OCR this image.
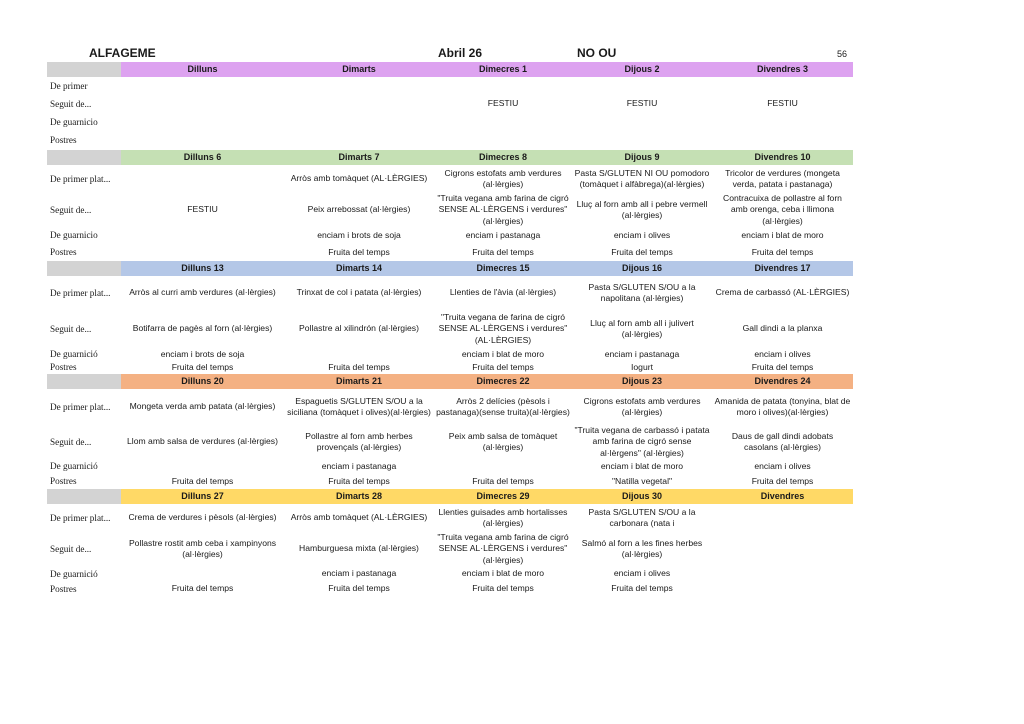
ALFAGEME	Abril 26	NO OU	56
	Dilluns	Dimarts	Dimecres 1	Dijous 2	Divendres 3
De primer					
Seguit de...			FESTIU	FESTIU	FESTIU
De guarnicio					
Postres					
	Dilluns 6	Dimarts 7	Dimecres 8	Dijous 9	Divendres 10
De primer plat...		Arròs amb tomàquet (AL·LÈRGIES)	Cigrons estofats amb verdures (al·lèrgies)	Pasta S/GLUTEN NI OU pomodoro (tomàquet i alfàbrega)(al·lèrgies)	Tricolor de verdures (mongeta verda, patata i pastanaga)
Seguit de...	FESTIU	Peix arrebossat (al·lèrgies)	"Truita vegana amb farina de cigró SENSE AL·LÈRGENS i verdures" (al·lèrgies)	Lluç al forn amb all i pebre vermell (al·lèrgies)	Contracuixa de pollastre al forn amb orenga, ceba i llimona (al·lèrgies)
De guarnicio		enciam i brots de soja	enciam i pastanaga	enciam i olives	enciam i blat de moro
Postres		Fruita del temps	Fruita del temps	Fruita del temps	Fruita del temps
	Dilluns 13	Dimarts 14	Dimecres 15	Dijous 16	Divendres 17
De primer plat...	Arròs al curri amb verdures (al·lèrgies)	Trinxat de col i patata (al·lèrgies)	Llenties de l'àvia (al·lèrgies)	Pasta S/GLUTEN S/OU a la napolitana (al·lèrgies)	Crema de carbassó (AL·LÈRGIES)
Seguit de...	Botifarra de pagès al forn (al·lèrgies)	Pollastre al xilindrón (al·lèrgies)	"Truita vegana de farina de cigró SENSE AL·LÈRGENS i verdures" (AL·LÈRGIES)	Lluç al forn amb all i julivert (al·lèrgies)	Gall dindi a la planxa
De guarnició	enciam i brots de soja		enciam i blat de moro	enciam i pastanaga	enciam i olives
Postres	Fruita del temps	Fruita del temps	Fruita del temps	Iogurt	Fruita del temps
	Dilluns 20	Dimarts 21	Dimecres 22	Dijous 23	Divendres 24
De primer plat...	Mongeta verda amb patata (al·lèrgies)	Espaguetis S/GLUTEN S/OU a la siciliana (tomàquet i olives)(al·lèrgies)	Arròs 2 delícies (pèsols i pastanaga)(sense truita)(al·lèrgies)	Cigrons estofats amb verdures (al·lèrgies)	Amanida de patata (tonyina, blat de moro i olives)(al·lèrgies)
Seguit de...	Llom amb salsa de verdures (al·lèrgies)	Pollastre al forn amb herbes provençals (al·lèrgies)	Peix amb salsa de tomàquet (al·lèrgies)	"Truita vegana de carbassó i patata amb farina de cigró sense al·lèrgens" (al·lèrgies)	Daus de gall dindi adobats casolans (al·lèrgies)
De guarnició		enciam i pastanaga		enciam i blat de moro	enciam i olives
Postres	Fruita del temps	Fruita del temps	Fruita del temps	"Natilla vegetal"	Fruita del temps
	Dilluns 27	Dimarts 28	Dimecres 29	Dijous 30	Divendres
De primer plat...	Crema de verdures i pèsols (al·lèrgies)	Arròs amb tomàquet (AL·LÈRGIES)	Llenties guisades amb hortalisses (al·lèrgies)	Pasta S/GLUTEN S/OU a la carbonara (nata i	
Seguit de...	Pollastre rostit amb ceba i xampinyons (al·lèrgies)	Hamburguesa mixta (al·lèrgies)	"Truita vegana amb farina de cigró SENSE AL·LÈRGENS i verdures" (al·lèrgies)	Salmó al forn a les fines herbes (al·lèrgies)	
De guarnició		enciam i pastanaga	enciam i blat de moro	enciam i olives	
Postres	Fruita del temps	Fruita del temps	Fruita del temps	Fruita del temps	
